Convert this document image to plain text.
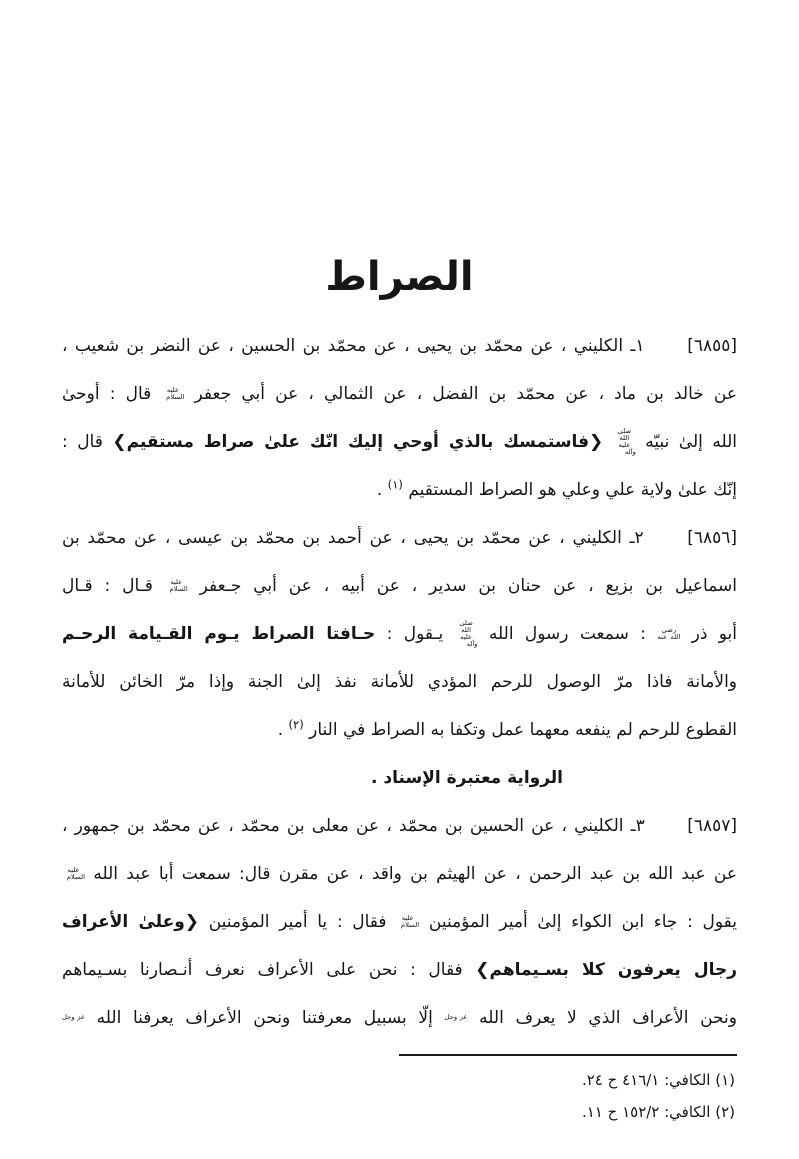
الصراط
[٦٨٥٥]  ١ـ الكليني ، عن محمّد بن يحيى ، عن محمّد بن الحسين ، عن النضر بن شعيب ،
عن خالد بن ماد ، عن محمّد بن الفضل ، عن الثمالي ، عن أبي جعفر عليه السلام قال : أوحىٰ
الله إلىٰ نبيّه صلى الله عليه وآله ❮فاستمسك بالذي أوحي إليك انّك علىٰ صراط مستقيم❯ قال :
إنّك علىٰ ولاية علي وعلي هو الصراط المستقيم $^{(١)}$ .
[٦٨٥٦]  ٢ـ الكليني ، عن محمّد بن يحيى ، عن أحمد بن محمّد بن عيسى ، عن محمّد بن
اسماعيل بن بزيع ، عن حنان بن سدير ، عن أبيه ، عن أبي جـعفر عليه السلام قـال : قـال
أبو ذر رضي الله عنه : سمعت رسول الله صلى الله عليه وآله يـقول : حـافتا الصراط يـوم القـيامة الرحـم
والأمانة فاذا مرّ الوصول للرحم المؤدي للأمانة نفذ إلىٰ الجنة وإذا مرّ الخائن للأمانة
القطوع للرحم لم ينفعه معهما عمل وتكفا به الصراط في النار $^{(٢)}$ .
الرواية معتبرة الإسناد .
[٦٨٥٧]  ٣ـ الكليني ، عن الحسين بن محمّد ، عن معلى بن محمّد ، عن محمّد بن جمهور ،
عن عبد الله بن عبد الرحمن ، عن الهيثم بن واقد ، عن مقرن قال: سمعت أبا عبد الله عليه السلام
يقول : جاء ابن الكواء إلىٰ أمير المؤمنين عليه السلام فقال : يا أمير المؤمنين ❮وعلىٰ الأعراف
رجال يعرفون كلا بسـيماهم❯ فقال : نحن على الأعراف نعرف أنـصارنا بسـيماهم
ونحن الأعراف الذي لا يعرف الله عز وجل إلّا بسبيل معرفتنا ونحن الأعراف يعرفنا الله عز وجل
(١) الكافي: ٤١٦/١ ح ٢٤.
(٢) الكافي: ١٥٢/٢ ح ١١.
